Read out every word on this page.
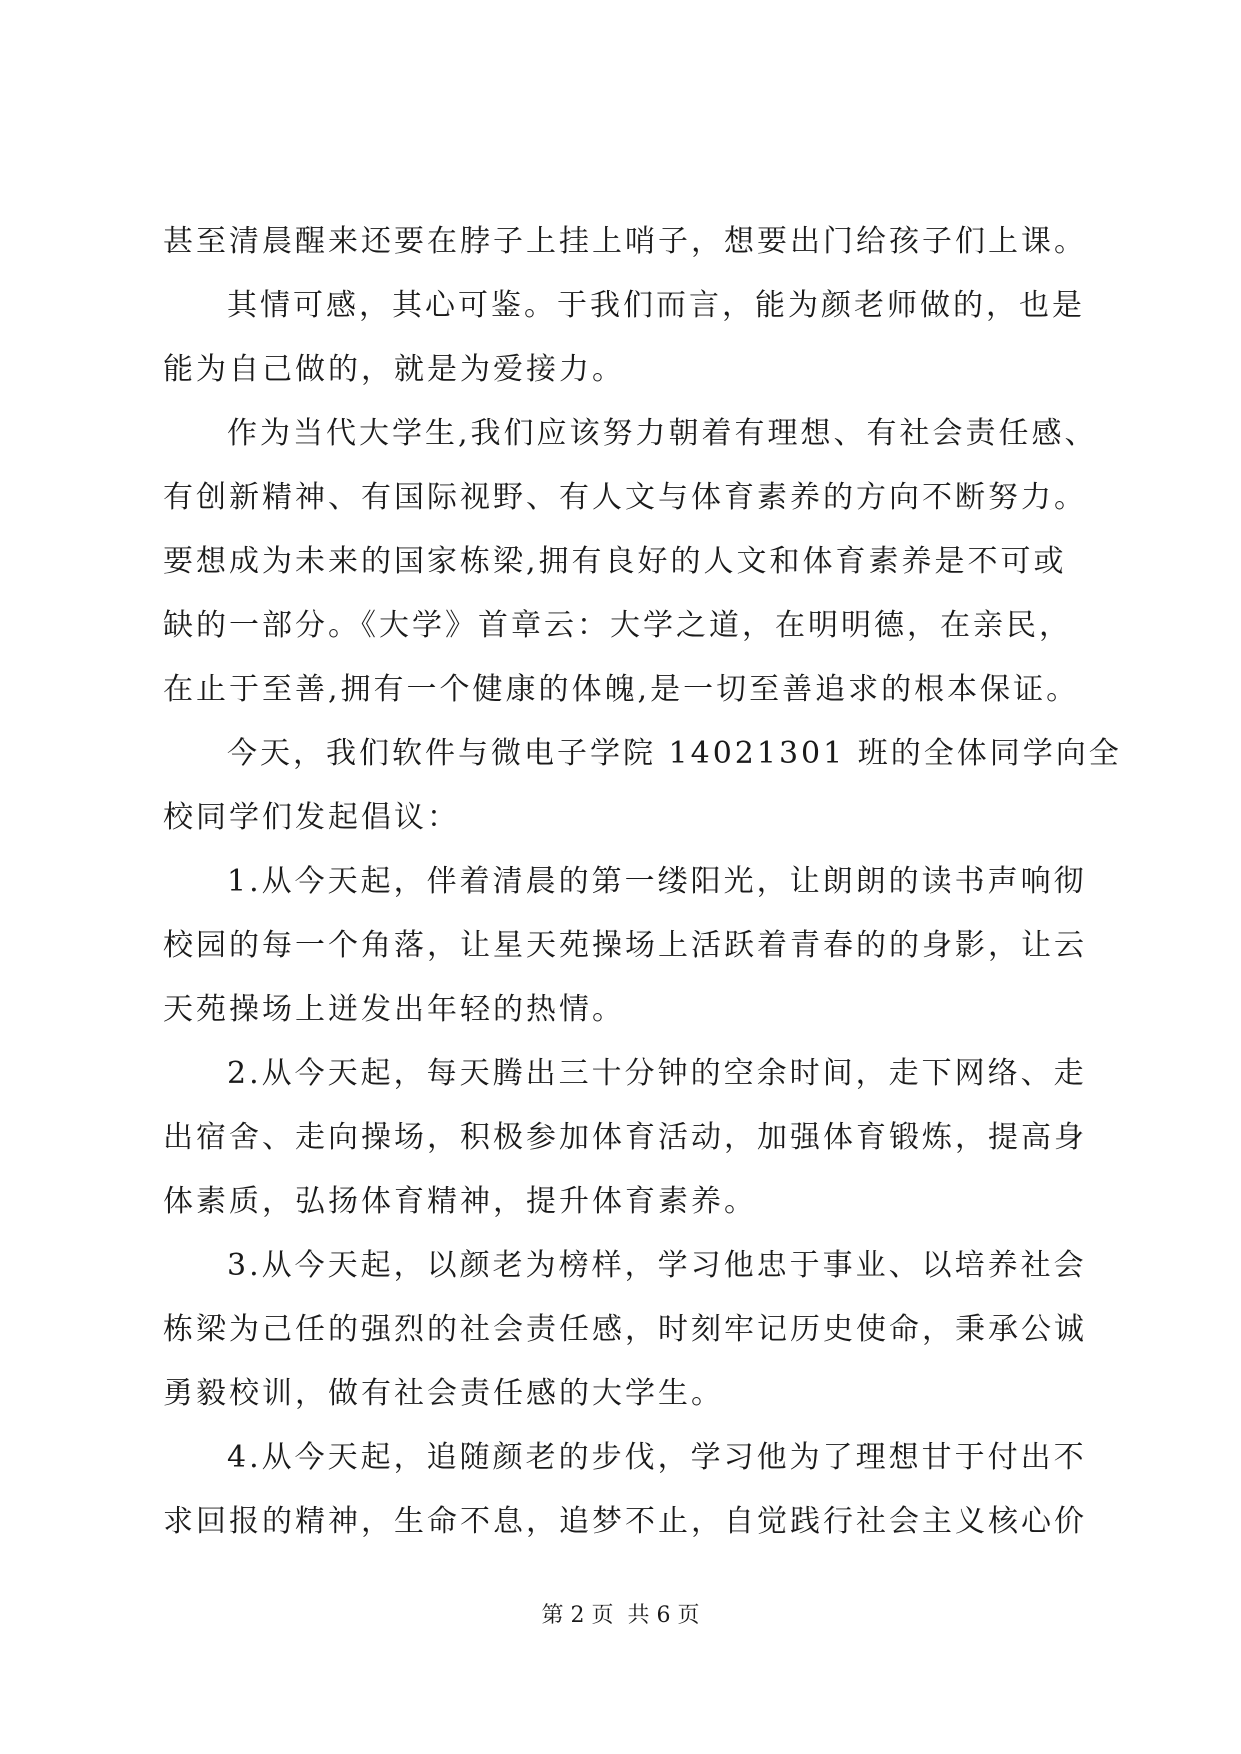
甚至清晨醒来还要在脖子上挂上哨子，想要出门给孩子们上课。
其情可感，其心可鉴。于我们而言，能为颜老师做的，也是
能为自己做的，就是为爱接力。
作为当代大学生,我们应该努力朝着有理想、有社会责任感、
有创新精神、有国际视野、有人文与体育素养的方向不断努力。
要想成为未来的国家栋梁,拥有良好的人文和体育素养是不可或
缺的一部分。《大学》首章云：大学之道，在明明德，在亲民，
在止于至善,拥有一个健康的体魄,是一切至善追求的根本保证。
今天，我们软件与微电子学院 14021301 班的全体同学向全
校同学们发起倡议：
1.从今天起，伴着清晨的第一缕阳光，让朗朗的读书声响彻
校园的每一个角落，让星天苑操场上活跃着青春的的身影，让云
天苑操场上迸发出年轻的热情。
2.从今天起，每天腾出三十分钟的空余时间，走下网络、走
出宿舍、走向操场，积极参加体育活动，加强体育锻炼，提高身
体素质，弘扬体育精神，提升体育素养。
3.从今天起，以颜老为榜样，学习他忠于事业、以培养社会
栋梁为己任的强烈的社会责任感，时刻牢记历史使命，秉承公诚
勇毅校训，做有社会责任感的大学生。
4.从今天起，追随颜老的步伐，学习他为了理想甘于付出不
求回报的精神，生命不息，追梦不止，自觉践行社会主义核心价
第 2 页 共 6 页
